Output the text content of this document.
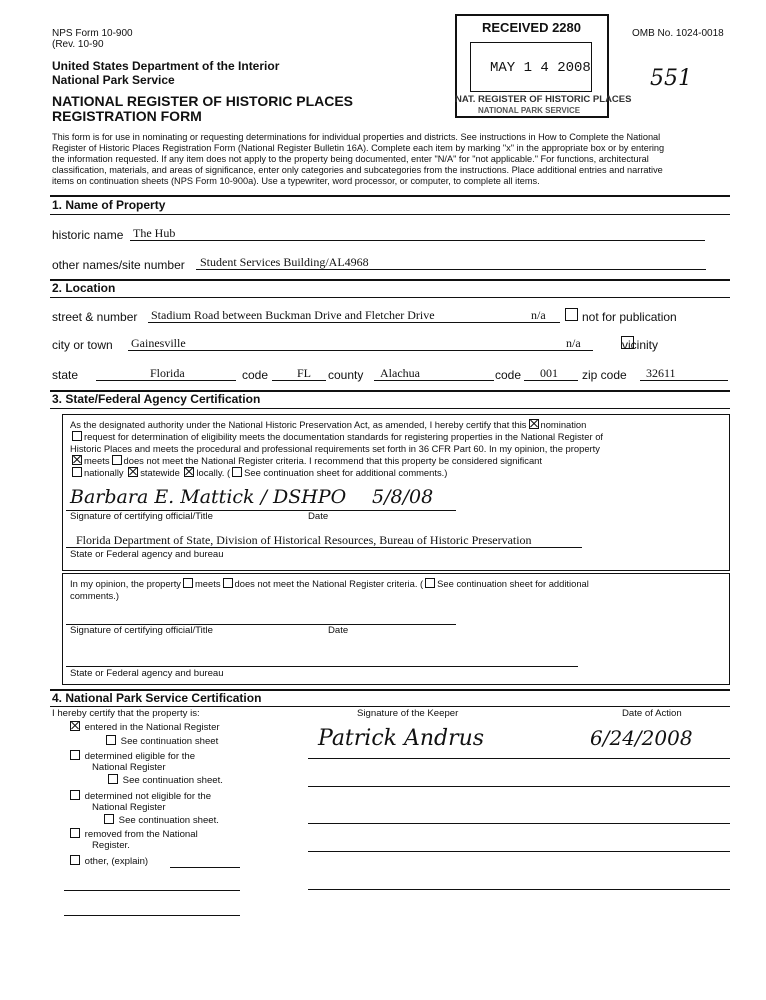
NPS Form 10-900
(Rev. 10-90
OMB No. 1024-0018
United States Department of the Interior
National Park Service
NATIONAL REGISTER OF HISTORIC PLACES
REGISTRATION FORM
RECEIVED 2280
MAY 1 4 2008
NAT. REGISTER OF HISTORIC PLACES
NATIONAL PARK SERVICE
551
This form is for use in nominating or requesting determinations for individual properties and districts. See instructions in How to Complete the National
Register of Historic Places Registration Form (National Register Bulletin 16A). Complete each item by marking "x" in the appropriate box or by entering
the information requested. If any item does not apply to the property being documented, enter "N/A" for "not applicable." For functions, architectural
classification, materials, and areas of significance, enter only categories and subcategories from the instructions. Place additional entries and narrative
items on continuation sheets (NPS Form 10-900a). Use a typewriter, word processor, or computer, to complete all items.
1. Name of Property
historic name The Hub
other names/site number Student Services Building/AL4968
2. Location
street & number Stadium Road between Buckman Drive and Fletcher Drive	n/a
	not for publication
city or town Gainesville	n/a	vicinity
state	Florida	code FL county Alachua	code 001 zip code 32611
3. State/Federal Agency Certification
As the designated authority under the National Historic Preservation Act, as amended, I hereby certify that this nomination
request for determination of eligibility meets the documentation standards for registering properties in the National Register of
Historic Places and meets the procedural and professional requirements set forth in 36 CFR Part 60. In my opinion, the property
meets does not meet the National Register criteria. I recommend that this property be considered significant
nationally statewide locally. ( See continuation sheet for additional comments.)
Barbara E. Mattick / DSHPO 5/8/08
Signature of certifying official/Title	Date
Florida Department of State, Division of Historical Resources, Bureau of Historic Preservation
State or Federal agency and bureau
In my opinion, the property meets does not meet the National Register criteria. ( See continuation sheet for additional
comments.)
Signature of certifying official/Title	Date
State or Federal agency and bureau
4. National Park Service Certification
I hereby certify that the property is:	Signature of the Keeper	Date of Action
Patrick Andrus	6/24/2008
entered in the National Register
See continuation sheet
determined eligible for the
National Register
See continuation sheet.
determined not eligible for the
National Register
See continuation sheet.
removed from the National
Register.
other, (explain)
